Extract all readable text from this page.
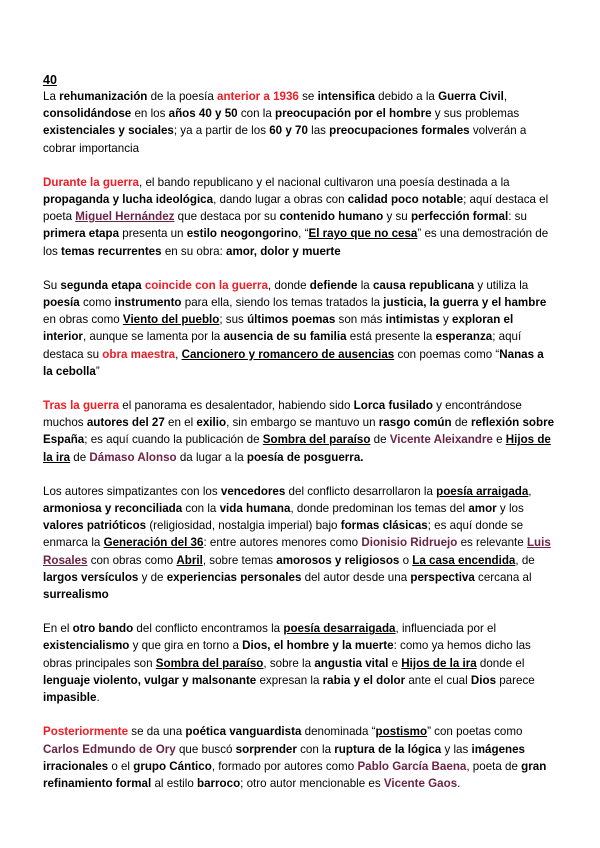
40

La rehumanización de la poesía anterior a 1936 se intensifica debido a la Guerra Civil, consolidándose en los años 40 y 50 con la preocupación por el hombre y sus problemas existenciales y sociales; ya a partir de los 60 y 70 las preocupaciones formales volverán a cobrar importancia

Durante la guerra, el bando republicano y el nacional cultivaron una poesía destinada a la propaganda y lucha ideológica, dando lugar a obras con calidad poco notable; aquí destaca el poeta Miguel Hernández que destaca por su contenido humano y su perfección formal: su primera etapa presenta un estilo neogongorino, “El rayo que no cesa” es una demostración de los temas recurrentes en su obra: amor, dolor y muerte

Su segunda etapa coincide con la guerra, donde defiende la causa republicana y utiliza la poesía como instrumento para ella, siendo los temas tratados la justicia, la guerra y el hambre en obras como Viento del pueblo; sus últimos poemas son más intimistas y exploran el interior, aunque se lamenta por la ausencia de su familia está presente la esperanza; aquí destaca su obra maestra, Cancionero y romancero de ausencias con poemas como “Nanas a la cebolla”

Tras la guerra el panorama es desalentador, habiendo sido Lorca fusilado y encontrándose muchos autores del 27 en el exilio, sin embargo se mantuvo un rasgo común de reflexión sobre España; es aquí cuando la publicación de Sombra del paraíso de Vicente Aleixandre e Hijos de la ira de Dámaso Alonso da lugar a la poesía de posguerra.

Los autores simpatizantes con los vencedores del conflicto desarrollaron la poesía arraigada, armoniosa y reconciliada con la vida humana, donde predominan los temas del amor y los valores patrióticos (religiosidad, nostalgia imperial) bajo formas clásicas; es aquí donde se enmarca la Generación del 36: entre autores menores como Dionisio Ridruejo es relevante Luis Rosales con obras como Abril, sobre temas amorosos y religiosos o La casa encendida, de largos versículos y de experiencias personales del autor desde una perspectiva cercana al surrealismo

En el otro bando del conflicto encontramos la poesía desarraigada, influenciada por el existencialismo y que gira en torno a Dios, el hombre y la muerte: como ya hemos dicho las obras principales son Sombra del paraíso, sobre la angustia vital e Hijos de la ira donde el lenguaje violento, vulgar y malsonante expresan la rabia y el dolor ante el cual Dios parece impasible.

Posteriormente se da una poética vanguardista denominada “postismo” con poetas como Carlos Edmundo de Ory que buscó sorprender con la ruptura de la lógica y las imágenes irracionales o el grupo Cántico, formado por autores como Pablo García Baena, poeta de gran refinamiento formal al estilo barroco; otro autor mencionable es Vicente Gaos.
